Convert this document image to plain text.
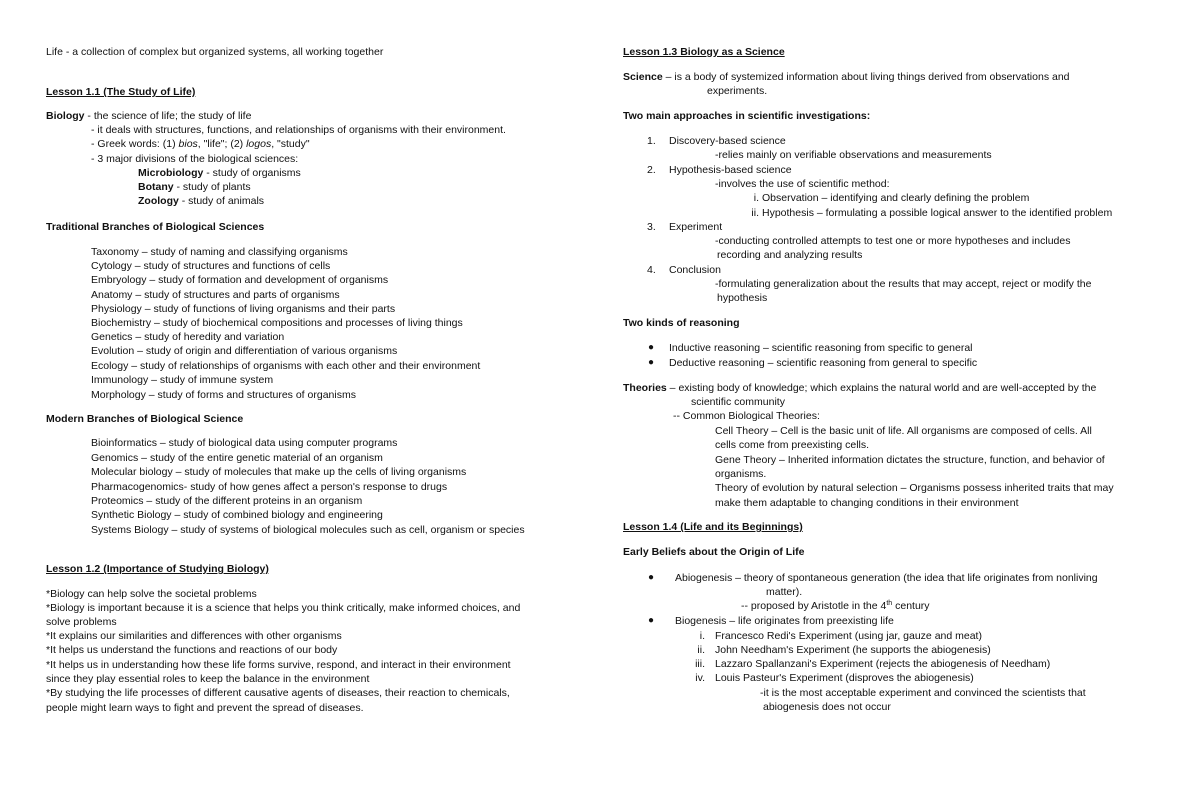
Life - a collection of complex but organized systems, all working together
Lesson 1.1 (The Study of Life)
Biology - the science of life; the study of life
- it deals with structures, functions, and relationships of organisms with their environment.
- Greek words: (1) bios, "life"; (2) logos, "study"
- 3 major divisions of the biological sciences:
Microbiology - study of organisms
Botany - study of plants
Zoology - study of animals
Traditional Branches of Biological Sciences
Taxonomy – study of naming and classifying organisms
Cytology – study of structures and functions of cells
Embryology – study of formation and development of organisms
Anatomy – study of structures and parts of organisms
Physiology – study of functions of living organisms and their parts
Biochemistry – study of biochemical compositions and processes of living things
Genetics – study of heredity and variation
Evolution – study of origin and differentiation of various organisms
Ecology – study of relationships of organisms with each other and their environment
Immunology – study of immune system
Morphology – study of forms and structures of organisms
Modern Branches of Biological Science
Bioinformatics – study of biological data using computer programs
Genomics – study of the entire genetic material of an organism
Molecular biology – study of molecules that make up the cells of living organisms
Pharmacogenomics- study of how genes affect a person's response to drugs
Proteomics – study of the different proteins in an organism
Synthetic Biology – study of combined biology and engineering
Systems Biology – study of systems of biological molecules such as cell, organism or species
Lesson 1.2 (Importance of Studying Biology)
*Biology can help solve the societal problems
*Biology is important because it is a science that helps you think critically, make informed choices, and
solve problems
*It explains our similarities and differences with other organisms
*It helps us understand the functions and reactions of our body
*It helps us in understanding how these life forms survive, respond, and interact in their environment
since they play essential roles to keep the balance in the environment
*By studying the life processes of different causative agents of diseases, their reaction to chemicals,
people might learn ways to fight and prevent the spread of diseases.
Lesson 1.3 Biology as a Science
Science – is a body of systemized information about living things derived from observations and
experiments.
Two main approaches in scientific investigations:
1. Discovery-based science
-relies mainly on verifiable observations and measurements
2. Hypothesis-based science
-involves the use of scientific method:
i. Observation – identifying and clearly defining the problem
ii. Hypothesis – formulating a possible logical answer to the identified problem
3. Experiment
-conducting controlled attempts to test one or more hypotheses and includes
recording and analyzing results
4. Conclusion
-formulating generalization about the results that may accept, reject or modify the
hypothesis
Two kinds of reasoning
● Inductive reasoning – scientific reasoning from specific to general
● Deductive reasoning – scientific reasoning from general to specific
Theories – existing body of knowledge; which explains the natural world and are well-accepted by the
scientific community
-- Common Biological Theories:
Cell Theory – Cell is the basic unit of life. All organisms are composed of cells. All
cells come from preexisting cells.
Gene Theory – Inherited information dictates the structure, function, and behavior of
organisms.
Theory of evolution by natural selection – Organisms possess inherited traits that may
make them adaptable to changing conditions in their environment
Lesson 1.4 (Life and its Beginnings)
Early Beliefs about the Origin of Life
● Abiogenesis – theory of spontaneous generation (the idea that life originates from nonliving
matter).
-- proposed by Aristotle in the 4th century
● Biogenesis – life originates from preexisting life
i. Francesco Redi's Experiment (using jar, gauze and meat)
ii. John Needham's Experiment (he supports the abiogenesis)
iii. Lazzaro Spallanzani's Experiment (rejects the abiogenesis of Needham)
iv. Louis Pasteur's Experiment (disproves the abiogenesis)
-it is the most acceptable experiment and convinced the scientists that
abiogenesis does not occur
